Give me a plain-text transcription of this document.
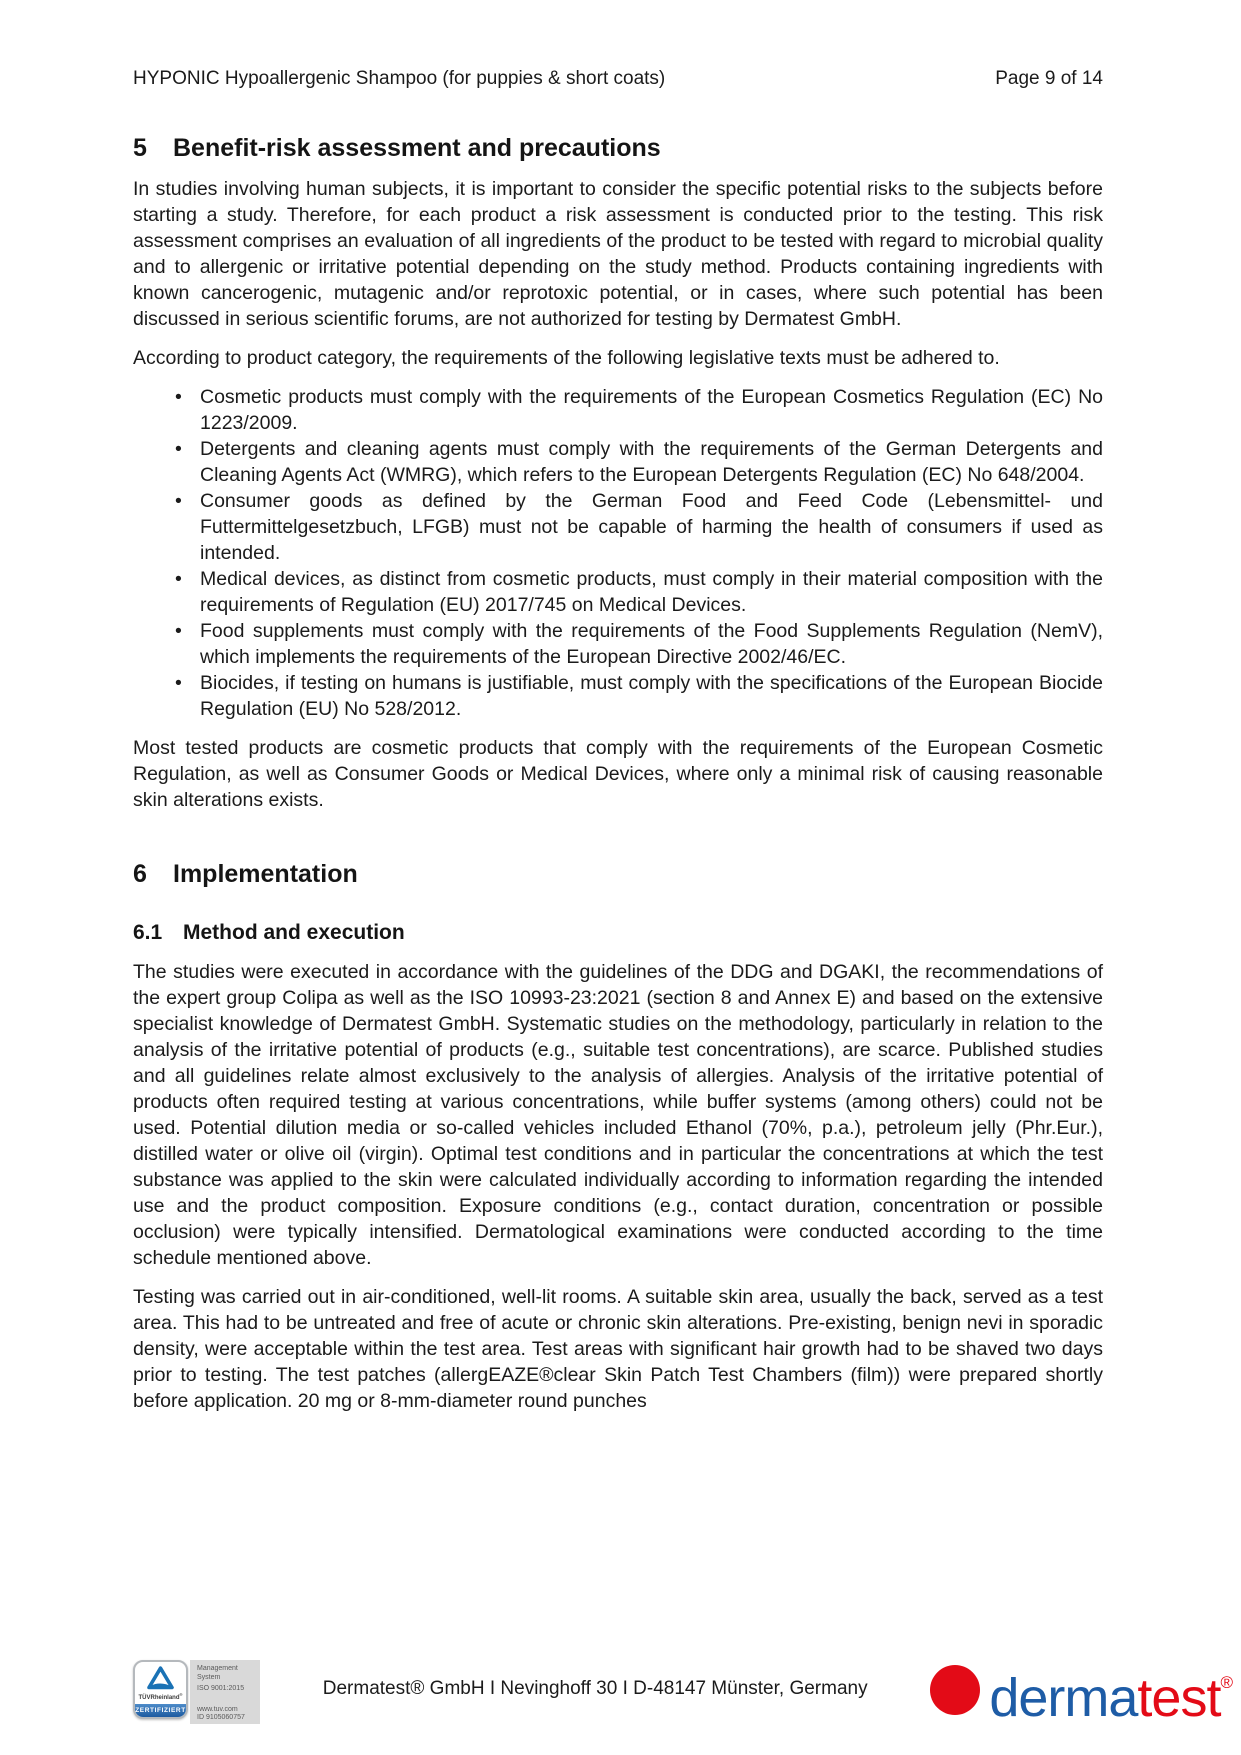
HYPONIC Hypoallergenic Shampoo (for puppies & short coats)	Page 9 of 14
5	Benefit-risk assessment and precautions

In studies involving human subjects, it is important to consider the specific potential risks to the subjects before starting a study. Therefore, for each product a risk assessment is conducted prior to the testing. This risk assessment comprises an evaluation of all ingredients of the product to be tested with regard to microbial quality and to allergenic or irritative potential depending on the study method. Products containing ingredients with known cancerogenic, mutagenic and/or reprotoxic potential, or in cases, where such potential has been discussed in serious scientific forums, are not authorized for testing by Dermatest GmbH.

According to product category, the requirements of the following legislative texts must be adhered to.

• Cosmetic products must comply with the requirements of the European Cosmetics Regulation (EC) No 1223/2009.
• Detergents and cleaning agents must comply with the requirements of the German Detergents and Cleaning Agents Act (WMRG), which refers to the European Detergents Regulation (EC) No 648/2004.
• Consumer goods as defined by the German Food and Feed Code (Lebensmittel- und Futtermittelgesetzbuch, LFGB) must not be capable of harming the health of consumers if used as intended.
• Medical devices, as distinct from cosmetic products, must comply in their material composition with the requirements of Regulation (EU) 2017/745 on Medical Devices.
• Food supplements must comply with the requirements of the Food Supplements Regulation (NemV), which implements the requirements of the European Directive 2002/46/EC.
• Biocides, if testing on humans is justifiable, must comply with the specifications of the European Biocide Regulation (EU) No 528/2012.

Most tested products are cosmetic products that comply with the requirements of the European Cosmetic Regulation, as well as Consumer Goods or Medical Devices, where only a minimal risk of causing reasonable skin alterations exists.

6	Implementation
6.1 Method and execution

The studies were executed in accordance with the guidelines of the DDG and DGAKI, the recommendations of the expert group Colipa as well as the ISO 10993-23:2021 (section 8 and Annex E) and based on the extensive specialist knowledge of Dermatest GmbH. Systematic studies on the methodology, particularly in relation to the analysis of the irritative potential of products (e.g., suitable test concentrations), are scarce. Published studies and all guidelines relate almost exclusively to the analysis of allergies. Analysis of the irritative potential of products often required testing at various concentrations, while buffer systems (among others) could not be used. Potential dilution media or so-called vehicles included Ethanol (70%, p.a.), petroleum jelly (Phr.Eur.), distilled water or olive oil (virgin). Optimal test conditions and in particular the concentrations at which the test substance was applied to the skin were calculated individually according to information regarding the intended use and the product composition. Exposure conditions (e.g., contact duration, concentration or possible occlusion) were typically intensified. Dermatological examinations were conducted according to the time schedule mentioned above.

Testing was carried out in air-conditioned, well-lit rooms. A suitable skin area, usually the back, served as a test area. This had to be untreated and free of acute or chronic skin alterations. Pre-existing, benign nevi in sporadic density, were acceptable within the test area. Test areas with significant hair growth had to be shaved two days prior to testing. The test patches (allergEAZE®clear Skin Patch Test Chambers (film)) were prepared shortly before application. 20 mg or 8-mm-diameter round punches

TÜVRheinland®
ZERTIFIZIERT
Management
System
ISO 9001:2015
www.tuv.com
ID 9105060757
Dermatest® GmbH I Nevinghoff 30 I D-48147 Münster, Germany	dermatest®
